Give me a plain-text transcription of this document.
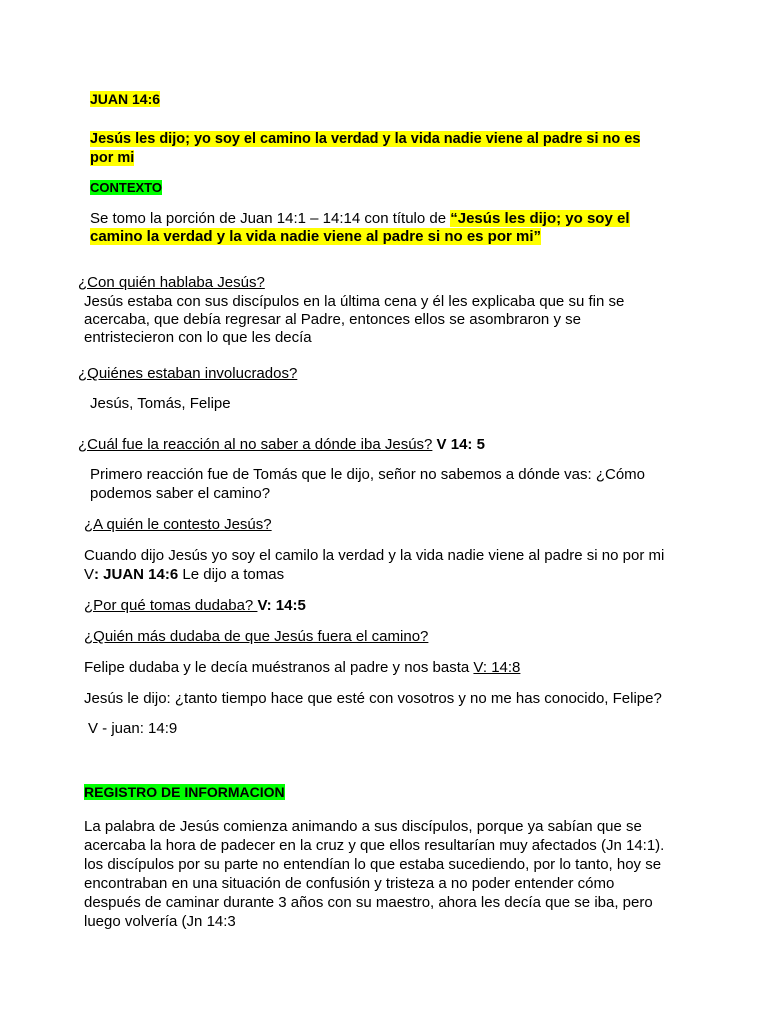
JUAN 14:6
Jesús les dijo; yo soy el camino la verdad y la vida nadie viene al padre si no es
por mi
CONTEXTO
Se tomo la porción de Juan 14:1 – 14:14 con título de “Jesús les dijo; yo soy el
camino la verdad y la vida nadie viene al padre si no es por mi”
¿Con quién hablaba Jesús?
Jesús estaba con sus discípulos en la última cena y él les explicaba que su fin se
acercaba, que debía regresar al Padre, entonces ellos se asombraron y se
entristecieron con lo que les decía
¿Quiénes estaban involucrados?
Jesús, Tomás, Felipe
¿Cuál fue la reacción al no saber a dónde iba Jesús? V 14: 5
Primero reacción fue de Tomás que le dijo, señor no sabemos a dónde vas: ¿Cómo
podemos saber el camino?
¿A quién le contesto Jesús?
Cuando dijo Jesús yo soy el camilo la verdad y la vida nadie viene al padre si no por mi
V: JUAN 14:6 Le dijo a tomas
¿Por qué tomas dudaba? V: 14:5
¿Quién más dudaba de que Jesús fuera el camino?
Felipe dudaba y le decía muéstranos al padre y nos basta V: 14:8
Jesús le dijo: ¿tanto tiempo hace que esté con vosotros y no me has conocido, Felipe?
V - juan: 14:9
REGISTRO DE INFORMACION
La palabra de Jesús comienza animando a sus discípulos, porque ya sabían que se
acercaba la hora de padecer en la cruz y que ellos resultarían muy afectados (Jn 14:1).
los discípulos por su parte no entendían lo que estaba sucediendo, por lo tanto, hoy se
encontraban en una situación de confusión y tristeza a no poder entender cómo
después de caminar durante 3 años con su maestro, ahora les decía que se iba, pero
luego volvería (Jn 14:3
